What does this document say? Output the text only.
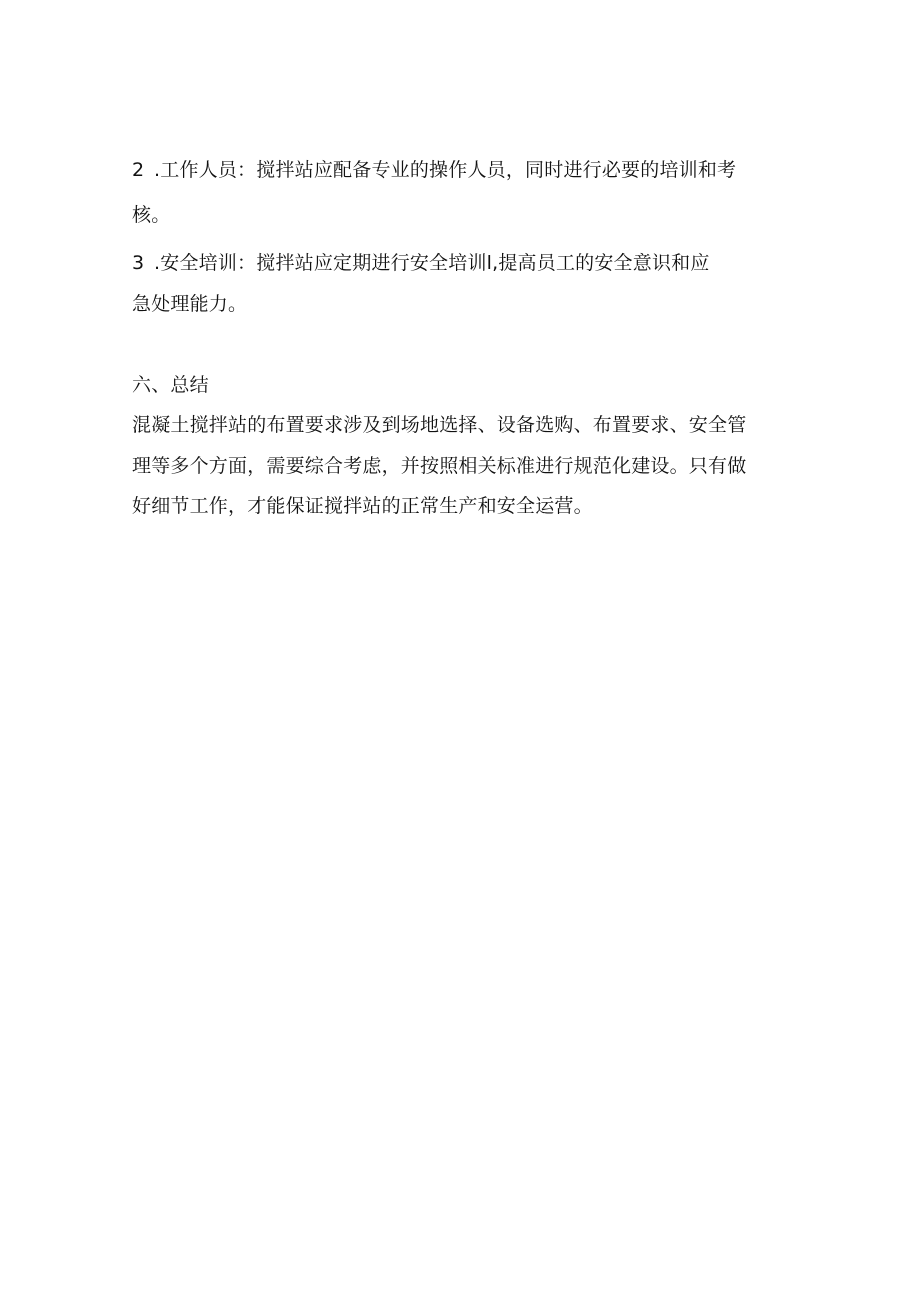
2 .工作人员：搅拌站应配备专业的操作人员，同时进行必要的培训和考
核。
3 .安全培训：搅拌站应定期进行安全培训l,提高员工的安全意识和应
急处理能力。
六、总结
混凝土搅拌站的布置要求涉及到场地选择、设备选购、布置要求、安全管
理等多个方面，需要综合考虑，并按照相关标准进行规范化建设。只有做
好细节工作，才能保证搅拌站的正常生产和安全运营。
